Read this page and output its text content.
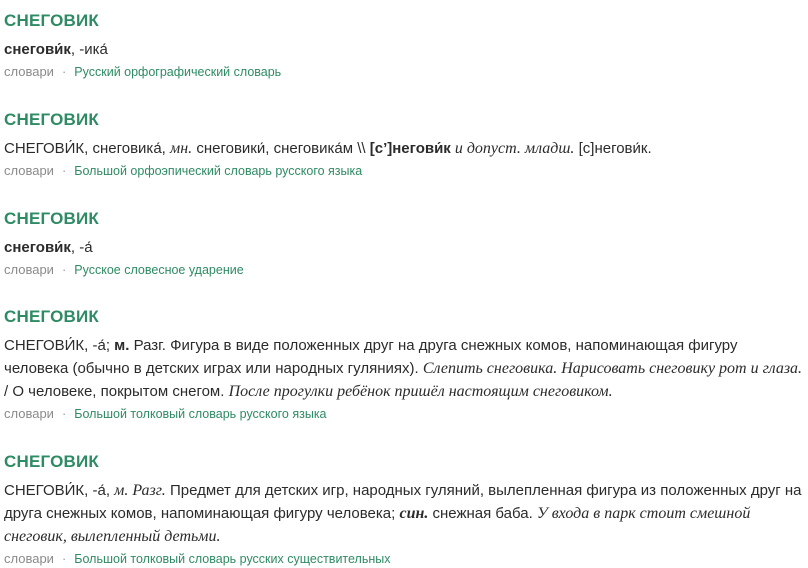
СНЕГОВИК

снегови́к, -ика́

словари · Русский орфографический словарь
СНЕГОВИК

СНЕГОВИ́К, снеговика́, мн. снеговики́, снеговика́м \\ [с’]негови́к и допуст. младш. [с]негови́к.

словари · Большой орфоэпический словарь русского языка
СНЕГОВИК

снегови́к, -а́

словари · Русское словесное ударение
СНЕГОВИК

СНЕГОВИ́К, -а́; м. Разг. Фигура в виде положенных друг на друга снежных комов, напоминающая фигуру человека (обычно в детских играх или народных гуляниях). Слепить снеговика. Нарисовать снеговику рот и глаза. / О человеке, покрытом снегом. После прогулки ребёнок пришёл настоящим снеговиком.

словари · Большой толковый словарь русского языка
СНЕГОВИК

СНЕГОВИ́К, -а́, м. Разг. Предмет для детских игр, народных гуляний, вылепленная фигура из положенных друг на друга снежных комов, напоминающая фигуру человека; син. снежная баба. У входа в парк стоит смешной снеговик, вылепленный детьми.

словари · Большой толковый словарь русских существительных
